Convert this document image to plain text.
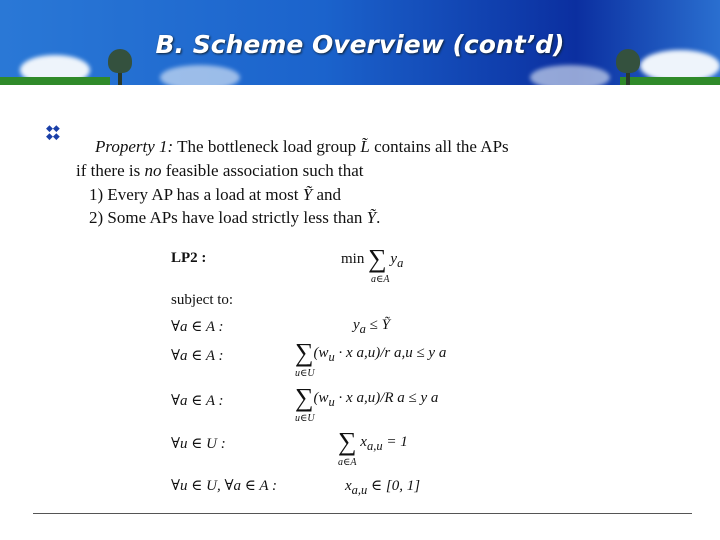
B. Scheme Overview (cont’d)
◆◆
◆◆
Property 1: The bottleneck load group L̃ contains all the APs
if there is no feasible association such that
1) Every AP has a load at most Ỹ and
2) Some APs have load strictly less than Ỹ.
LP2 :	min ∑ $y_a$
a∈A
subject to:
∀a ∈ A :	$y_a$ ≤ Ỹ
∀a ∈ A :	$\sum(w_u \cdot x$ a,u)/r a,u ≤ y a
u∈U
∀a ∈ A :	$\sum(w_u \cdot x$ a,u)/R a ≤ y a
u∈U
∀u ∈ U :	∑ $x_{a,u} = 1$
a∈A
∀u ∈ U, ∀a ∈ A :	$x_{a,u}$ ∈ [0, 1]
